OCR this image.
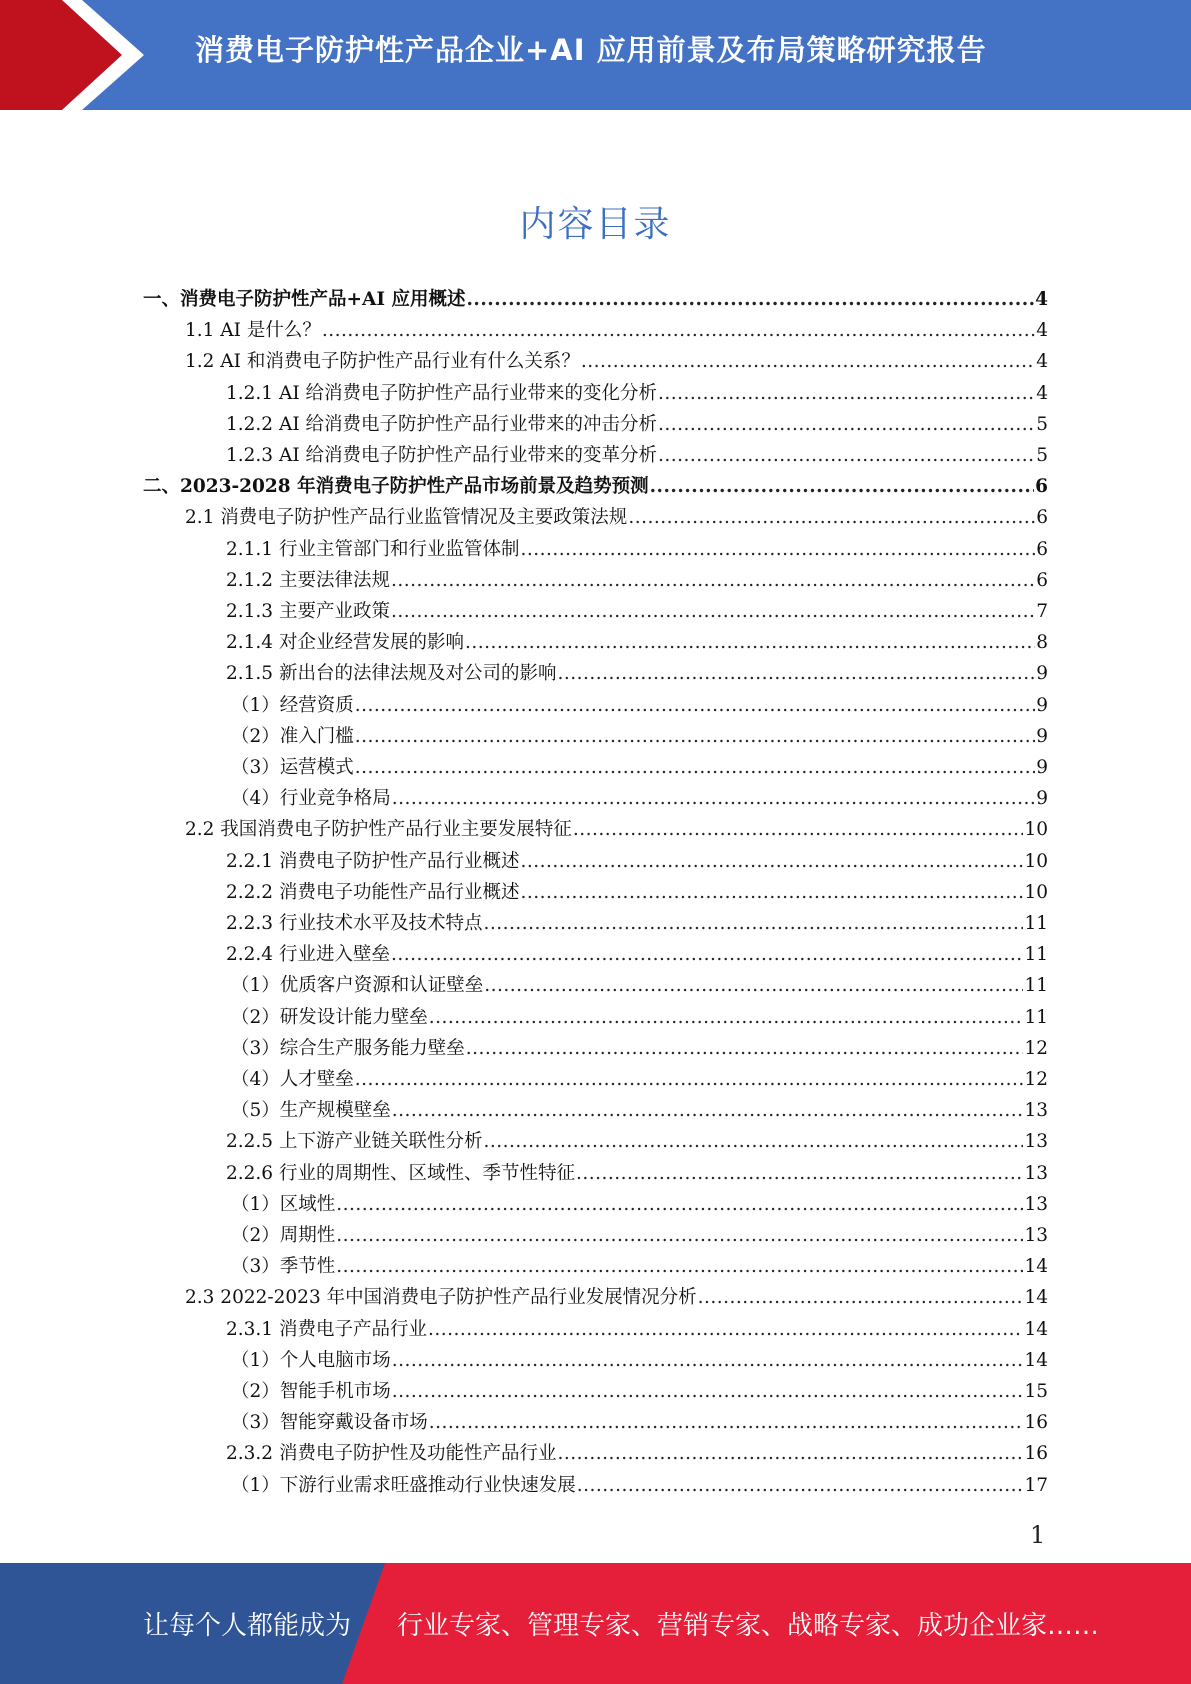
消费电子防护性产品企业+AI 应用前景及布局策略研究报告
内容目录
一、消费电子防护性产品+AI 应用概述 .....	4
1.1 AI 是什么？ .....	4
1.2 AI 和消费电子防护性产品行业有什么关系？ .....	4
1.2.1 AI 给消费电子防护性产品行业带来的变化分析 .....	4
1.2.2 AI 给消费电子防护性产品行业带来的冲击分析 .....	5
1.2.3 AI 给消费电子防护性产品行业带来的变革分析 .....	5
二、2023-2028 年消费电子防护性产品市场前景及趋势预测 .....	6
2.1 消费电子防护性产品行业监管情况及主要政策法规 .....	6
2.1.1 行业主管部门和行业监管体制 .....	6
2.1.2 主要法律法规 .....	6
2.1.3 主要产业政策 .....	7
2.1.4 对企业经营发展的影响 .....	8
2.1.5 新出台的法律法规及对公司的影响 .....	9
（1）经营资质 .....	9
（2）准入门槛 .....	9
（3）运营模式 .....	9
（4）行业竞争格局 .....	9
2.2 我国消费电子防护性产品行业主要发展特征 .....	10
2.2.1 消费电子防护性产品行业概述 .....	10
2.2.2 消费电子功能性产品行业概述 .....	10
2.2.3 行业技术水平及技术特点 .....	11
2.2.4 行业进入壁垒 .....	11
（1）优质客户资源和认证壁垒 .....	11
（2）研发设计能力壁垒 .....	11
（3）综合生产服务能力壁垒 .....	12
（4）人才壁垒 .....	12
（5）生产规模壁垒 .....	13
2.2.5 上下游产业链关联性分析 .....	13
2.2.6 行业的周期性、区域性、季节性特征 .....	13
（1）区域性 .....	13
（2）周期性 .....	13
（3）季节性 .....	14
2.3 2022-2023 年中国消费电子防护性产品行业发展情况分析 .....	14
2.3.1 消费电子产品行业 .....	14
（1）个人电脑市场 .....	14
（2）智能手机市场 .....	15
（3）智能穿戴设备市场 .....	16
2.3.2 消费电子防护性及功能性产品行业 .....	16
（1）下游行业需求旺盛推动行业快速发展 .....	17
1
让每个人都能成为 行业专家、管理专家、营销专家、战略专家、成功企业家……
